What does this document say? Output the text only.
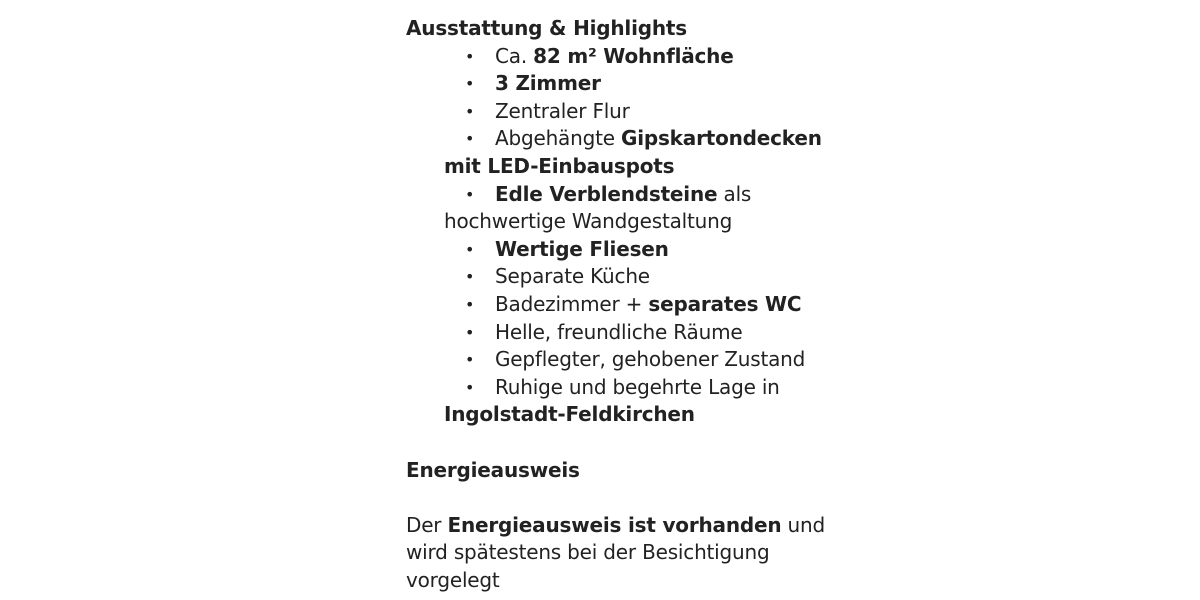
Ausstattung & Highlights
• Ca. 82 m² Wohnfläche
• 3 Zimmer
• Zentraler Flur
• Abgehängte Gipskartondecken mit LED-Einbauspots
• Edle Verblendsteine als hochwertige Wandgestaltung
• Wertige Fliesen
• Separate Küche
• Badezimmer + separates WC
• Helle, freundliche Räume
• Gepflegter, gehobener Zustand
• Ruhige und begehrte Lage in Ingolstadt-Feldkirchen
Energieausweis
Der Energieausweis ist vorhanden und wird spätestens bei der Besichtigung vorgelegt
